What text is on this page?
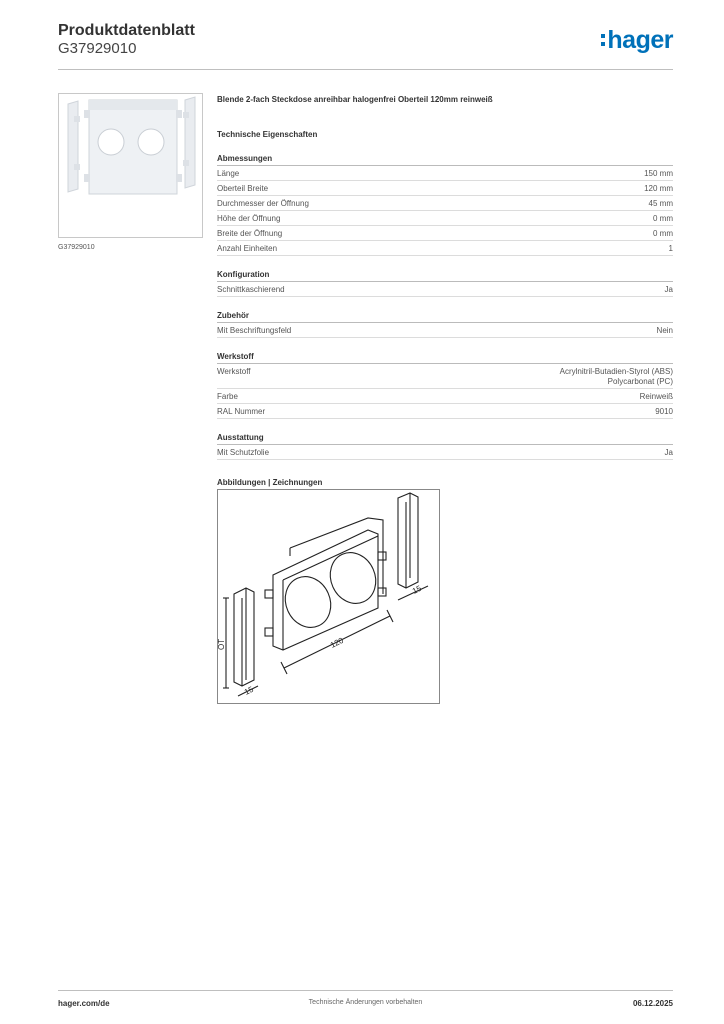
Produktdatenblatt
G37929010	hager
G37929010
Blende 2-fach Steckdose anreihbar halogenfrei Oberteil 120mm reinweiß
Technische Eigenschaften
Abmessungen
Länge	150 mm
Oberteil Breite	120 mm
Durchmesser der Öffnung	45 mm
Höhe der Öffnung	0 mm
Breite der Öffnung	0 mm
Anzahl Einheiten	1
Konfiguration
Schnittkaschierend	Ja
Zubehör
Mit Beschriftungsfeld	Nein
Werkstoff
Werkstoff	Acrylnitril-Butadien-Styrol (ABS)
Polycarbonat (PC)
Farbe	Reinweiß
RAL Nummer	9010
Ausstattung
Mit Schutzfolie	Ja
Abbildungen | Zeichnungen
OT	120
15
15
hager.com/de	Technische Änderungen vorbehalten	06.12.2025
